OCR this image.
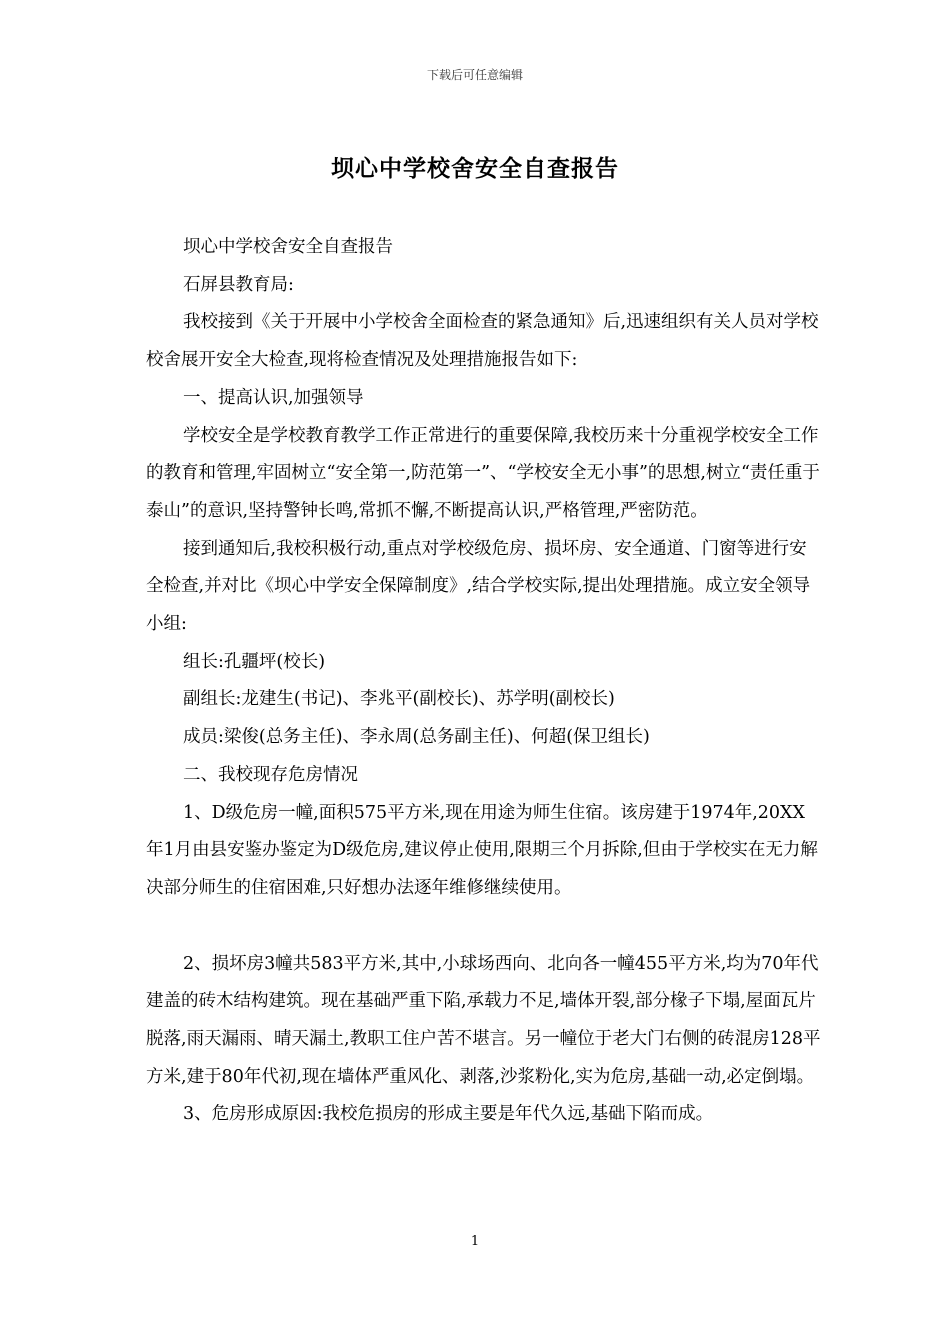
下载后可任意编辑
坝心中学校舍安全自查报告

坝心中学校舍安全自查报告

石屏县教育局:

我校接到《关于开展中小学校舍全面检查的紧急通知》后,迅速组织有关人员对学校校舍展开安全大检查,现将检查情况及处理措施报告如下:

一、提高认识,加强领导

学校安全是学校教育教学工作正常进行的重要保障,我校历来十分重视学校安全工作的教育和管理,牢固树立“安全第一,防范第一”、“学校安全无小事”的思想,树立“责任重于泰山”的意识,坚持警钟长鸣,常抓不懈,不断提高认识,严格管理,严密防范。

接到通知后,我校积极行动,重点对学校级危房、损坏房、安全通道、门窗等进行安全检查,并对比《坝心中学安全保障制度》,结合学校实际,提出处理措施。成立安全领导小组:

组长:孔疆坪(校长)

副组长:龙建生(书记)、李兆平(副校长)、苏学明(副校长)

成员:梁俊(总务主任)、李永周(总务副主任)、何超(保卫组长)

二、我校现存危房情况

1、D级危房一幢,面积575平方米,现在用途为师生住宿。该房建于1974年,20XX年1月由县安鉴办鉴定为D级危房,建议停止使用,限期三个月拆除,但由于学校实在无力解决部分师生的住宿困难,只好想办法逐年维修继续使用。

2、损坏房3幢共583平方米,其中,小球场西向、北向各一幢455平方米,均为70年代建盖的砖木结构建筑。现在基础严重下陷,承载力不足,墙体开裂,部分椽子下塌,屋面瓦片脱落,雨天漏雨、晴天漏土,教职工住户苦不堪言。另一幢位于老大门右侧的砖混房128平方米,建于80年代初,现在墙体严重风化、剥落,沙浆粉化,实为危房,基础一动,必定倒塌。

3、危房形成原因:我校危损房的形成主要是年代久远,基础下陷而成。

1
